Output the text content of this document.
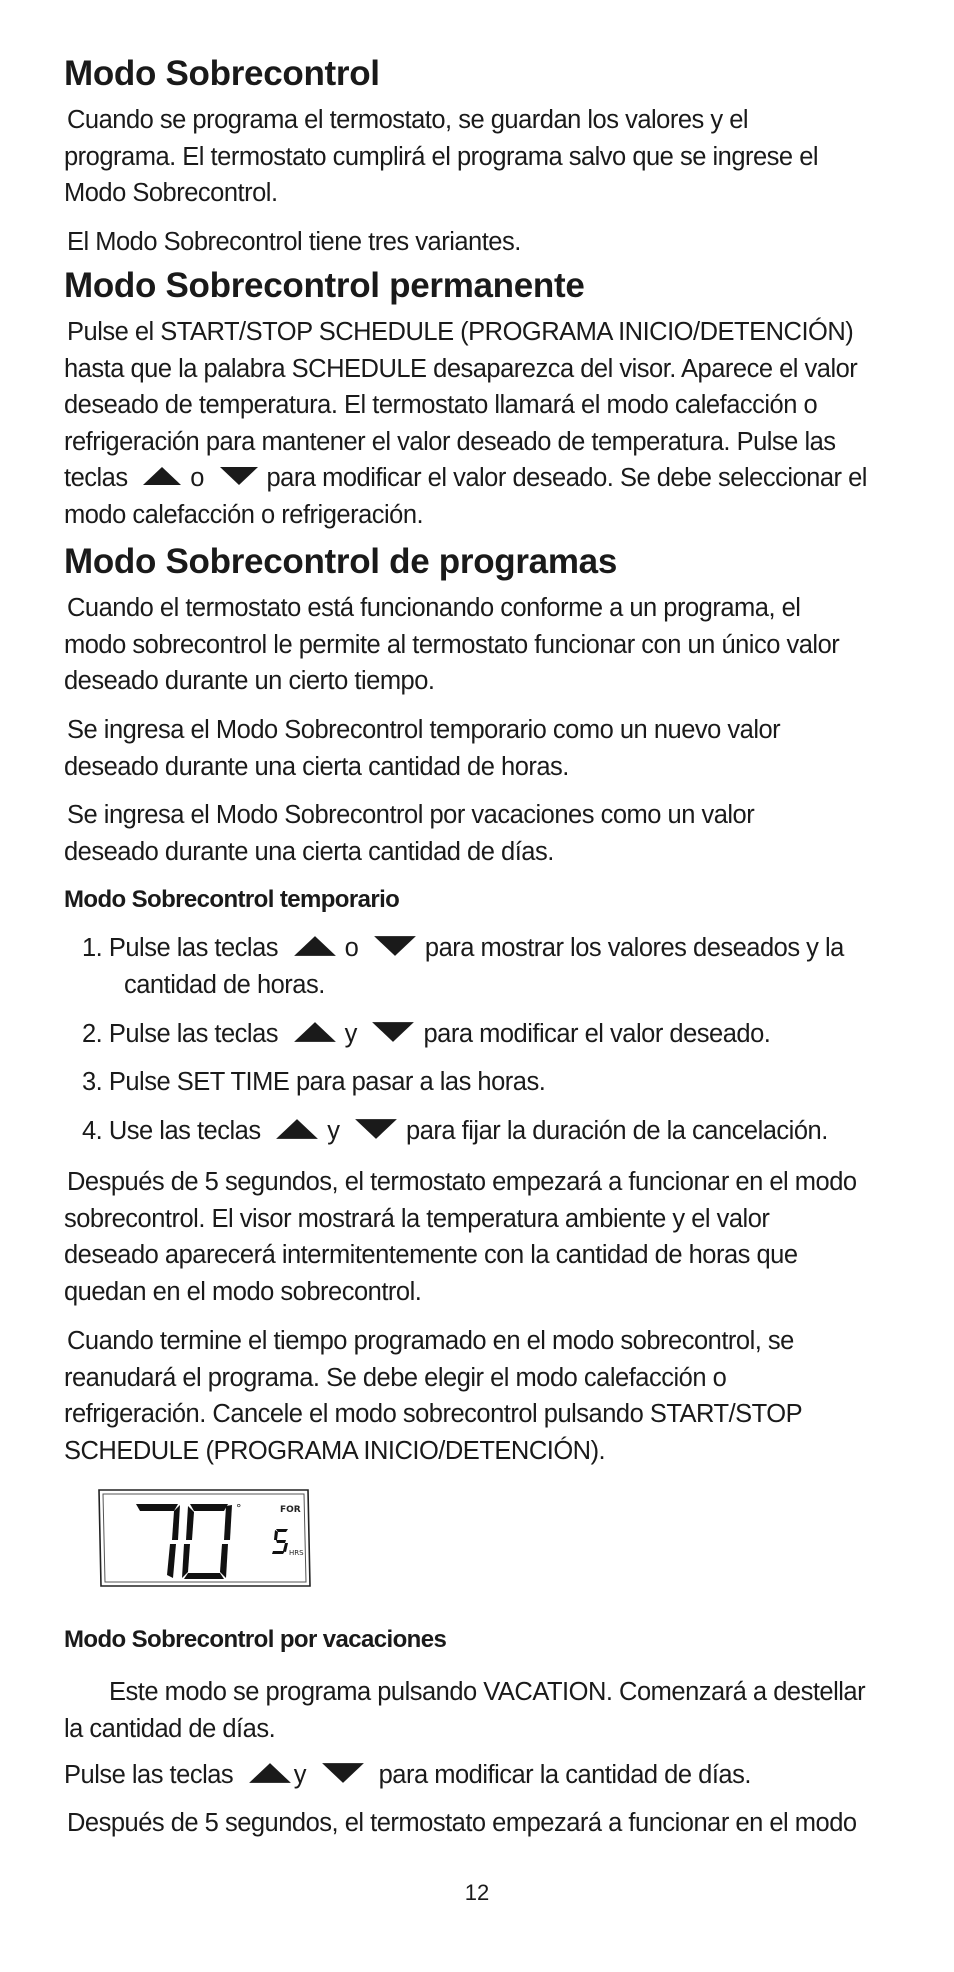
Modo Sobrecontrol
Cuando se programa el termostato, se guardan los valores y el
programa. El termostato cumplirá el programa salvo que se ingrese el
Modo Sobrecontrol.
El Modo Sobrecontrol tiene tres variantes.
Modo Sobrecontrol permanente
Pulse el START/STOP SCHEDULE (PROGRAMA INICIO/DETENCIÓN)
hasta que la palabra SCHEDULE desaparezca del visor. Aparece el valor
deseado de temperatura. El termostato llamará el modo calefacción o
refrigeración para mantener el valor deseado de temperatura. Pulse las
teclas o para modificar el valor deseado. Se debe seleccionar el
modo calefacción o refrigeración.
Modo Sobrecontrol de programas
Cuando el termostato está funcionando conforme a un programa, el
modo sobrecontrol le permite al termostato funcionar con un único valor
deseado durante un cierto tiempo.
Se ingresa el Modo Sobrecontrol temporario como un nuevo valor
deseado durante una cierta cantidad de horas.
Se ingresa el Modo Sobrecontrol por vacaciones como un valor
deseado durante una cierta cantidad de días.
Modo Sobrecontrol temporario
1. Pulse las teclas	o	para mostrar los valores deseados y la
cantidad de horas.
2. Pulse las teclas	y	para modificar el valor deseado.
3. Pulse SET TIME para pasar a las horas.
4. Use las teclas	y	para fijar la duración de la cancelación.
Después de 5 segundos, el termostato empezará a funcionar en el modo
sobrecontrol. El visor mostrará la temperatura ambiente y el valor
deseado aparecerá intermitentemente con la cantidad de horas que
quedan en el modo sobrecontrol.
Cuando termine el tiempo programado en el modo sobrecontrol, se
reanudará el programa. Se debe elegir el modo calefacción o
refrigeración. Cancele el modo sobrecontrol pulsando START/STOP
SCHEDULE (PROGRAMA INICIO/DETENCIÓN).
°	FOR
HRS
Modo Sobrecontrol por vacaciones
Este modo se programa pulsando VACATION. Comenzará a destellar
la cantidad de días.
Pulse las teclas y	para modificar la cantidad de días.
Después de 5 segundos, el termostato empezará a funcionar en el modo
12
